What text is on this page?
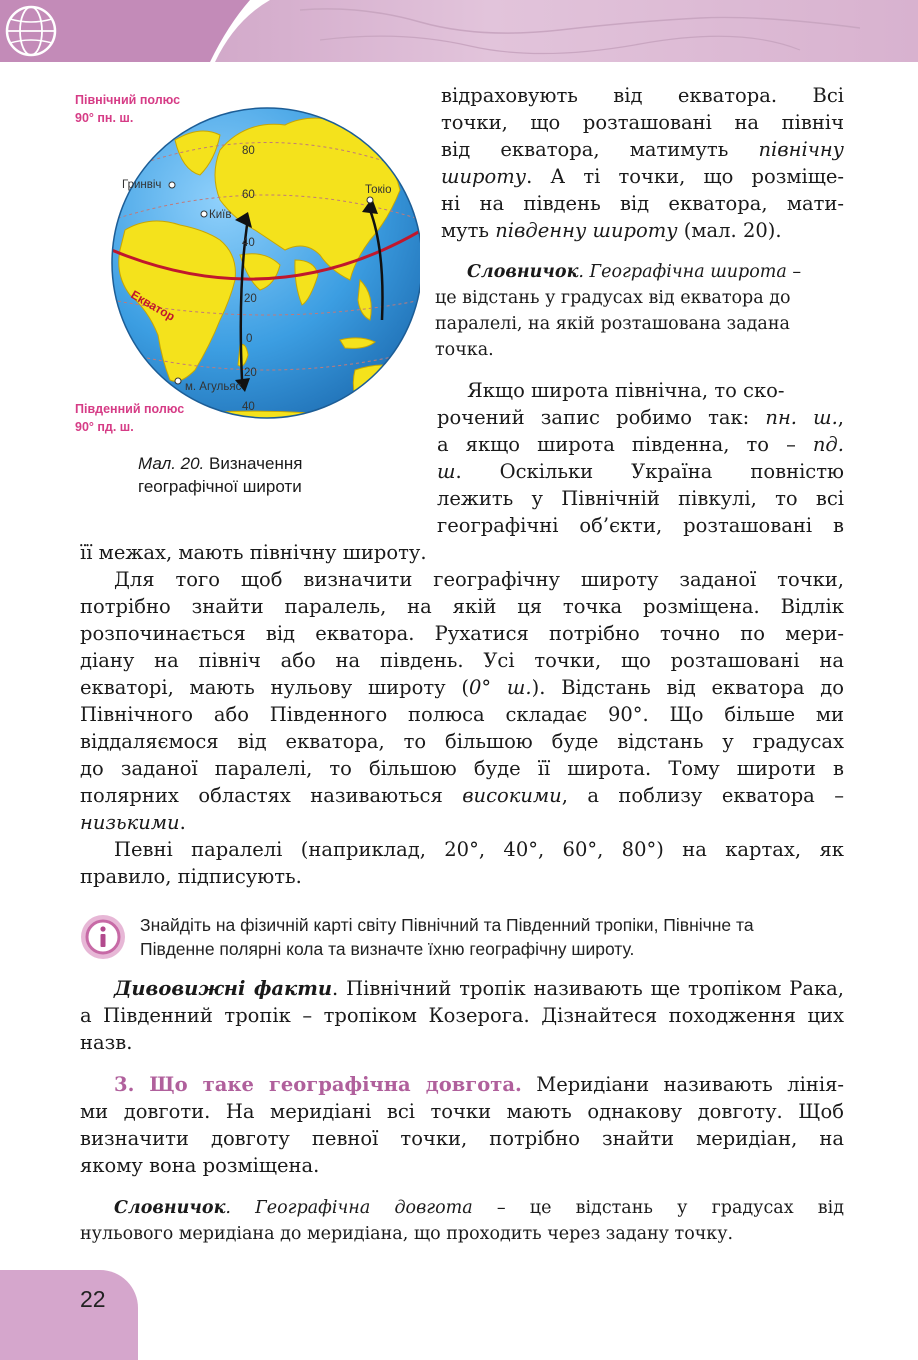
Північний полюс
90° пн. ш.
Південний полюс
90° пд. ш.
Гринвіч
Київ
Токіо
м. Агульяс
Екватор
80
60
40
20
0
20
40
Мал. 20. Визначення
географічної широти
відраховують від екватора. Всі
точки, що розташовані на північ
від екватора, матимуть північну
широту. А ті точки, що розміще-
ні на південь від екватора, мати-
муть південну широту (мал. 20).
Словничок. Географічна широта –
це відстань у градусах від екватора до
паралелі, на якій розташована задана
точка.
Якщо широта північна, то ско-
рочений запис робимо так: пн. ш.,
а якщо широта південна, то – пд.
ш. Оскільки Україна повністю
лежить у Північній півкулі, то всі
географічні об’єкти, розташовані в
її межах, мають північну широту.
Для того щоб визначити географічну широту заданої точки,
потрібно знайти паралель, на якій ця точка розміщена. Відлік
розпочинається від екватора. Рухатися потрібно точно по мери-
діану на північ або на південь. Усі точки, що розташовані на
екваторі, мають нульову широту (0° ш.). Відстань від екватора до
Північного або Південного полюса складає 90°. Що більше ми
віддаляємося від екватора, то більшою буде відстань у градусах
до заданої паралелі, то більшою буде її широта. Тому широти в
полярних областях називаються високими, а поблизу екватора –
низькими.
Певні паралелі (наприклад, 20°, 40°, 60°, 80°) на картах, як
правило, підписують.
Знайдіть на фізичній карті світу Північний та Південний тропіки, Північне та
Південне полярні кола та визначте їхню географічну широту.
Дивовижні факти. Північний тропік називають ще тропіком Рака,
а Південний тропік – тропіком Козерога. Дізнайтеся походження цих
назв.
3. Що таке географічна довгота. Меридіани називають лінія-
ми довготи. На меридіані всі точки мають однакову довготу. Щоб
визначити довготу певної точки, потрібно знайти меридіан, на
якому вона розміщена.
Словничок. Географічна довгота – це відстань у градусах від
нульового меридіана до меридіана, що проходить через задану точку.
22
